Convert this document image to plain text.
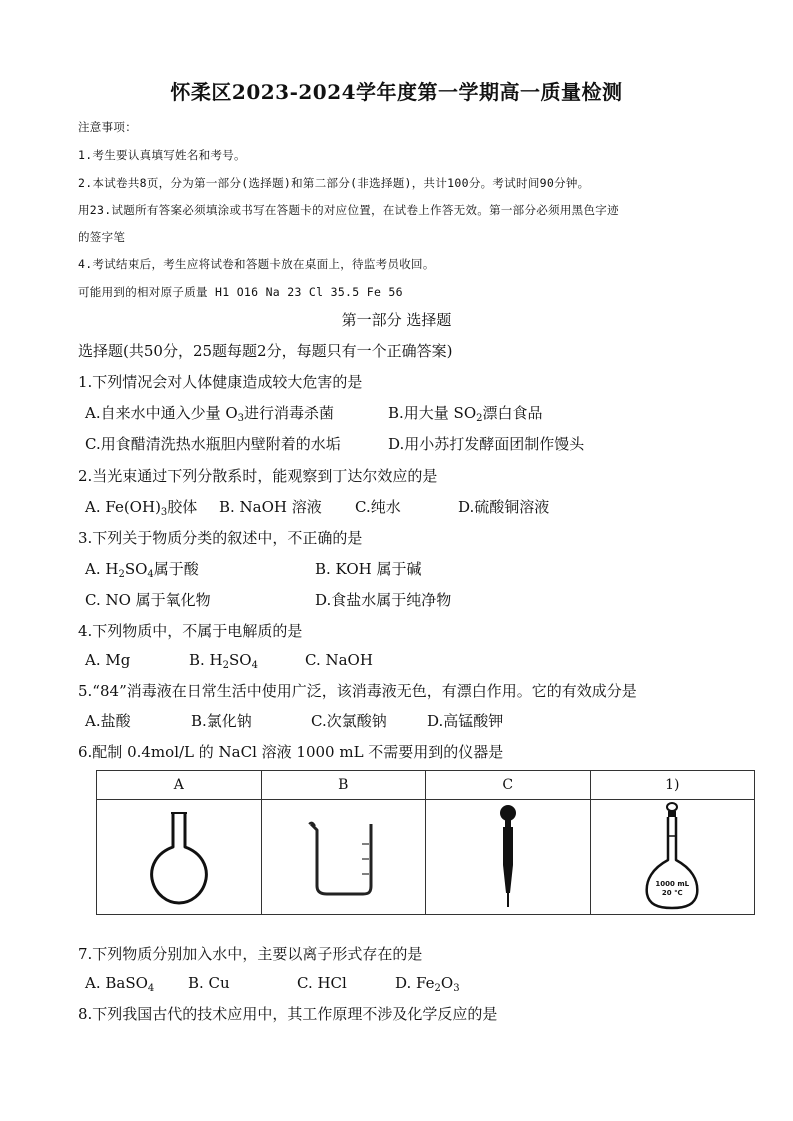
怀柔区2023-2024学年度第一学期高一质量检测
注意事项：
1.考生要认真填写姓名和考号。
2.本试卷共8页，分为第一部分(选择题)和第二部分(非选择题)，共计100分。考试时间90分钟。
用23.试题所有答案必须填涂或书写在答题卡的对应位置，在试卷上作答无效。第一部分必须用黑色字迹
的签字笔
4.考试结束后，考生应将试卷和答题卡放在桌面上，待监考员收回。
可能用到的相对原子质量 H1 O16 Na 23 Cl 35.5 Fe 56
第一部分 选择题
选择题(共50分，25题每题2分，每题只有一个正确答案)
1.下列情况会对人体健康造成较大危害的是
A.自来水中通入少量 $O_3$进行消毒杀菌	B.用大量 $SO_2$漂白食品
C.用食醋清洗热水瓶胆内壁附着的水垢	D.用小苏打发酵面团制作馒头
2.当光束通过下列分散系时，能观察到丁达尔效应的是
A. $Fe(OH)_3$胶体 B. NaOH 溶液 C.纯水	D.硫酸铜溶液
3.下列关于物质分类的叙述中，不正确的是
A. $H_2SO_4$属于酸	B. KOH 属于碱
C. NO 属于氧化物	D.食盐水属于纯净物
4.下列物质中，不属于电解质的是
A. Mg	B. $H_2SO_4$	C. NaOH
5.“84”消毒液在日常生活中使用广泛，该消毒液无色，有漂白作用。它的有效成分是
A.盐酸	B.氯化钠	C.次氯酸钠	D.高锰酸钾
6.配制 0.4mol/L 的 NaCl 溶液 1000 mL 不需要用到的仪器是
A	B	C	1)

1000 mL
20 ℃
7.下列物质分别加入水中，主要以离子形式存在的是
A. BaSO$_4$ B. Cu	C. HCl	D. $Fe_2O_3$
8.下列我国古代的技术应用中，其工作原理不涉及化学反应的是
